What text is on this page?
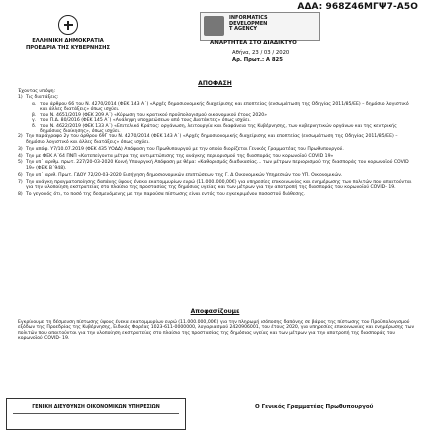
ΑΔΑ: 968Ζ46ΜΓΨ7-Α5Ο
ΕΛΛΗΝΙΚΗ ΔΗΜΟΚΡΑΤΙΑ
ΠΡΟΕΔΡΙΑ ΤΗΣ ΚΥΒΕΡΝΗΣΗΣ
INFORMATICS
DEVELOPMEN
T AGENCY
ΑΝΑΡΤΗΤΕΑ ΣΤΟ ΔΙΑΔΙΚΤΥΟ
Αθήνα, 23 / 03 / 2020
Αρ. Πρωτ.: Α 825
ΑΠΟΦΑΣΗ
Έχοντας υπόψη:
1) Τις διατάξεις:
α. του άρθρου 66 του Ν. 4270/2014 (ΦΕΚ 143 Α΄) «Αρχές δημοσιονομικής διαχείρισης και εποπτείας (ενσωμάτωση της Οδηγίας 2011/85/ΕΕ) – δημόσιο λογιστικό και άλλες διατάξεις» όπως ισχύει.
β. του Ν. 4651/2019 (ΦΕΚ 209 Α΄) «Κύρωση του κρατικού προϋπολογισμού οικονομικού έτους 2020»
γ. του Π.Δ. 80/2016 (ΦΕΚ 145 Α΄) «Ανάληψη υποχρεώσεων από τους Διατάκτες» όπως ισχύει.
δ. του Ν. 4622/2019 (ΦΕΚ 133 Α΄) «Επιτελικό Κράτος: οργάνωση, λειτουργία και διαφάνεια της Κυβέρνησης, των κυβερνητικών οργάνων και της κεντρικής δημόσιας διοίκησης», όπως ισχύει.
2) Την παράγραφο 2γ του άρθρου 69Γ του Ν. 4270/2014 (ΦΕΚ 143 Α΄) «Αρχές δημοσιονομικής διαχείρισης και εποπτείας (ενσωμάτωση της Οδηγίας 2011/85/ΕΕ) – δημόσιο λογιστικό και άλλες διατάξεις» όπως ισχύει.
3) Την απόφ. Υ7/10.07.2019 (ΦΕΚ 435 ΥΟΔΔ) Απόφαση του Πρωθυπουργού με την οποία διορίζεται Γενικός Γραμματέας του Πρωθυπουργού.
4) Την με ΦΕΚ Α΄64 ΠΝΠ «Κατεπείγοντα μέτρα της αντιμετώπισης της ανάγκης περιορισμού της διασποράς του κορωνοϊού COVID 19»
5) Την υπ΄ αριθμ. πρωτ. 227/20-03-2020 Κοινή Υπουργική Απόφαση με θέμα: «Καθορισμός διαδικασίας... των μέτρων περιορισμού της διασποράς του κορωνοϊού COVID 19» (ΦΕΚ Β΄948).
6) Την υπ΄ αριθ. Πρωτ. ΓΔΟΥ 72/20-03-2020 Εισήγηση δημοσιονομικών επιπτώσεων της Γ. Δ Οικονομικών Υπηρεσιών του ΥΠ. Οικονομικών.
7) Την ανάγκη πραγματοποίησης δαπάνης ύψους ένεκα εκατομμυρίων ευρώ (11.000.000,00€) για υπηρεσίες επικοινωνίας και ενημέρωσης των πολιτών που απαιτούνται για την υλοποίηση εκστρατείας στο πλαίσιο της προστασίας της δημόσιας υγείας και των μέτρων για την αποτροπή της διασποράς του κορωνοϊού COVID- 19.
8) Το γεγονός ότι, το ποσό της δεσμευόμενης με την παρούσα πίστωσης είναι εντός του εγκεκριμένου ποσοστού διάθεσης.
Αποφασίζουμε
Εγκρίνουμε τη δέσμευση πίστωσης ύψους ένεκα εκατομμυρίων ευρώ (11.000.000,00€) για την πληρωμή ισόποσης δαπάνης σε βάρος της πίστωσης του Προϋπολογισμού εξόδων της Προεδρίας της Κυβέρνησης, Ειδικός Φορέας 1023-611-0000000, λογαριασμού 2420906001, του έτους 2020, για υπηρεσίες επικοινωνίας και ενημέρωσης των πολιτών που απαιτούνται για την υλοποίηση εκστρατείας στο πλαίσιο της προστασίας της δημόσιας υγείας και των μέτρων για την αποτροπή της διασποράς του κορωνοϊού COVID- 19.
ΓΕΝΙΚΗ ΔΙΕΥΘΥΝΣΗ ΟΙΚΟΝΟΜΙΚΩΝ ΥΠΗΡΕΣΙΩΝ	Ο Γενικός Γραμματέας Πρωθυπουργού
